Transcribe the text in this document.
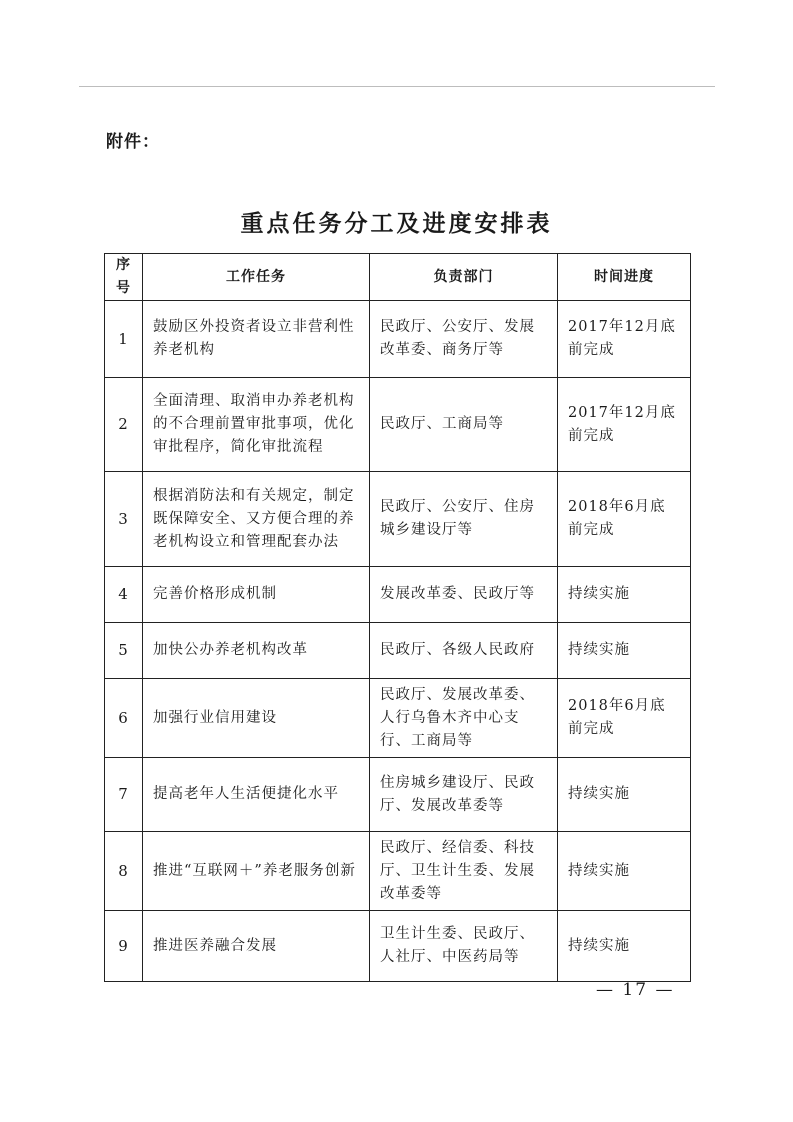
附件：
重点任务分工及进度安排表
序号	工作任务	负责部门	时间进度
1	鼓励区外投资者设立非营利性养老机构	民政厅、公安厅、发展改革委、商务厅等	2017年12月底前完成
2	全面清理、取消申办养老机构的不合理前置审批事项，优化审批程序，简化审批流程	民政厅、工商局等	2017年12月底前完成
3	根据消防法和有关规定，制定既保障安全、又方便合理的养老机构设立和管理配套办法	民政厅、公安厅、住房城乡建设厅等	2018年6月底前完成
4	完善价格形成机制	发展改革委、民政厅等	持续实施
5	加快公办养老机构改革	民政厅、各级人民政府	持续实施
6	加强行业信用建设	民政厅、发展改革委、人行乌鲁木齐中心支行、工商局等	2018年6月底前完成
7	提高老年人生活便捷化水平	住房城乡建设厅、民政厅、发展改革委等	持续实施
8	推进“互联网＋”养老服务创新	民政厅、经信委、科技厅、卫生计生委、发展改革委等	持续实施
9	推进医养融合发展	卫生计生委、民政厅、人社厅、中医药局等	持续实施
— 17 —
